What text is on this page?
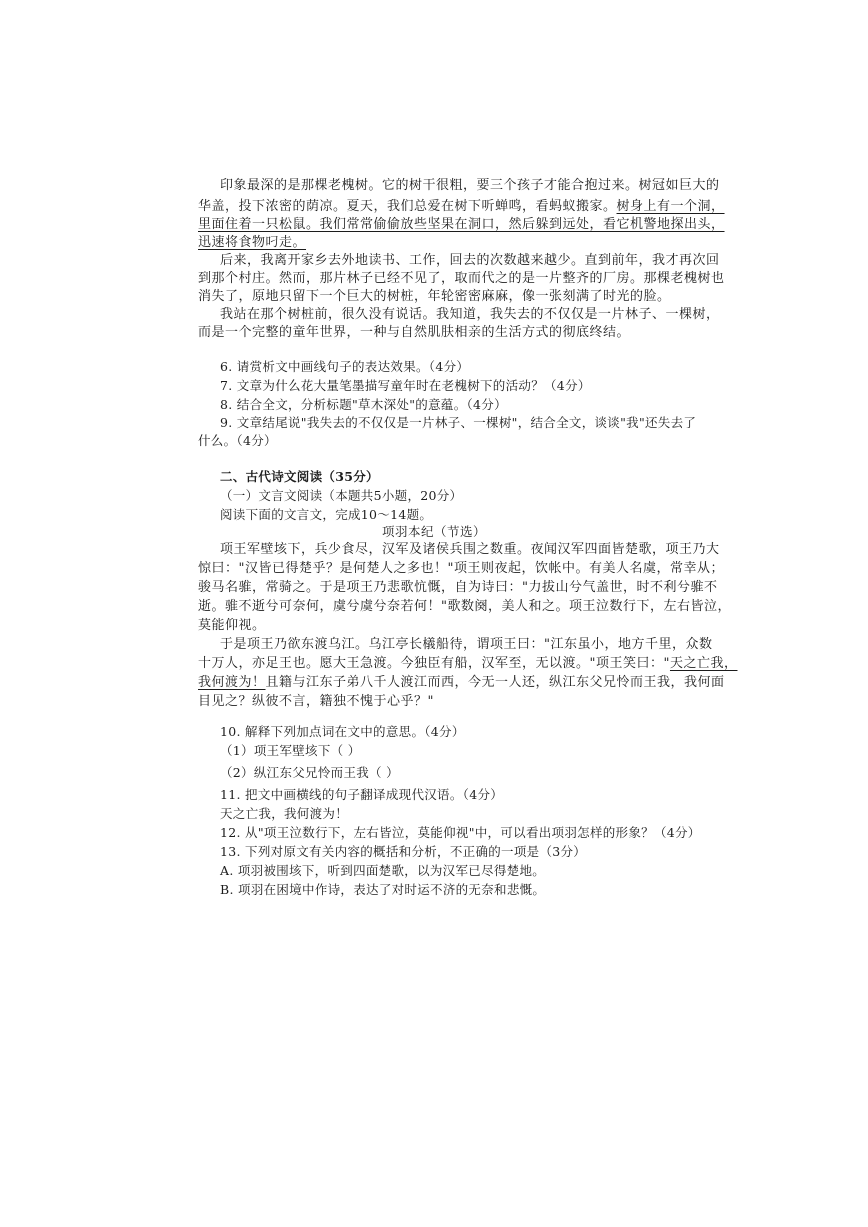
印象最深的是那棵老槐树。它的树干很粗，要三个孩子才能合抱过来。树冠如巨大的
华盖，投下浓密的荫凉。夏天，我们总爱在树下听蝉鸣，看蚂蚁搬家。树身上有一个洞，
里面住着一只松鼠。我们常常偷偷放些坚果在洞口，然后躲到远处，看它机警地探出头，
迅速将食物叼走。
后来，我离开家乡去外地读书、工作，回去的次数越来越少。直到前年，我才再次回
到那个村庄。然而，那片林子已经不见了，取而代之的是一片整齐的厂房。那棵老槐树也
消失了，原地只留下一个巨大的树桩，年轮密密麻麻，像一张刻满了时光的脸。
我站在那个树桩前，很久没有说话。我知道，我失去的不仅仅是一片林子、一棵树，
而是一个完整的童年世界，一种与自然肌肤相亲的生活方式的彻底终结。
6. 请赏析文中画线句子的表达效果。（4分）
7. 文章为什么花大量笔墨描写童年时在老槐树下的活动？（4分）
8. 结合全文，分析标题"草木深处"的意蕴。（4分）
9. 文章结尾说"我失去的不仅仅是一片林子、一棵树"，结合全文，谈谈"我"还失去了
什么。（4分）
二、古代诗文阅读（35分）
（一）文言文阅读（本题共5小题，20分）
阅读下面的文言文，完成10～14题。
项羽本纪（节选）
项王军壁垓下，兵少食尽，汉军及诸侯兵围之数重。夜闻汉军四面皆楚歌，项王乃大
惊曰："汉皆已得楚乎？是何楚人之多也！"项王则夜起，饮帐中。有美人名虞，常幸从；
骏马名骓，常骑之。于是项王乃悲歌忼慨，自为诗曰："力拔山兮气盖世，时不利兮骓不
逝。骓不逝兮可奈何，虞兮虞兮奈若何！"歌数阕，美人和之。项王泣数行下，左右皆泣，
莫能仰视。
于是项王乃欲东渡乌江。乌江亭长檥船待，谓项王曰："江东虽小，地方千里，众数
十万人，亦足王也。愿大王急渡。今独臣有船，汉军至，无以渡。"项王笑曰："天之亡我，
我何渡为！且籍与江东子弟八千人渡江而西，今无一人还，纵江东父兄怜而王我，我何面
目见之？纵彼不言，籍独不愧于心乎？"
10. 解释下列加点词在文中的意思。（4分）
（1）项王军壁垓下（ ）
（2）纵江东父兄怜而王我（ ）
11. 把文中画横线的句子翻译成现代汉语。（4分）
天之亡我，我何渡为！
12. 从"项王泣数行下，左右皆泣，莫能仰视"中，可以看出项羽怎样的形象？（4分）
13. 下列对原文有关内容的概括和分析，不正确的一项是（3分）
A. 项羽被围垓下，听到四面楚歌，以为汉军已尽得楚地。
B. 项羽在困境中作诗，表达了对时运不济的无奈和悲慨。
